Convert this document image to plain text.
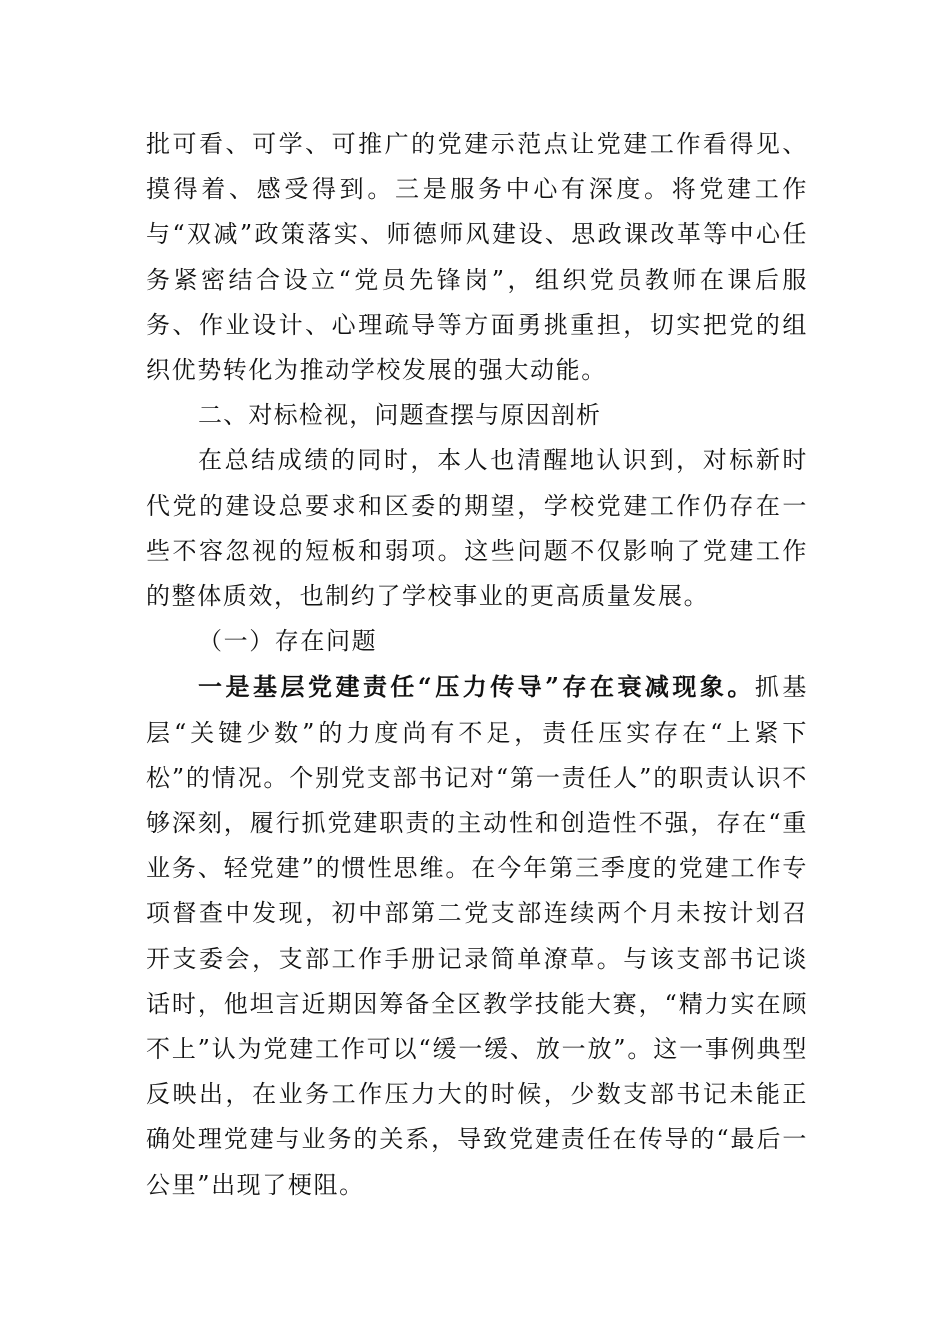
批可看、可学、可推广的党建示范点让党建工作看得见、摸得着、感受得到。三是服务中心有深度。将党建工作与“双减”政策落实、师德师风建设、思政课改革等中心任务紧密结合设立“党员先锋岗”，组织党员教师在课后服务、作业设计、心理疏导等方面勇挑重担，切实把党的组织优势转化为推动学校发展的强大动能。

二、对标检视，问题查摆与原因剖析

在总结成绩的同时，本人也清醒地认识到，对标新时代党的建设总要求和区委的期望，学校党建工作仍存在一些不容忽视的短板和弱项。这些问题不仅影响了党建工作的整体质效，也制约了学校事业的更高质量发展。

（一）存在问题

一是基层党建责任“压力传导”存在衰减现象。抓基层“关键少数”的力度尚有不足，责任压实存在“上紧下松”的情况。个别党支部书记对“第一责任人”的职责认识不够深刻，履行抓党建职责的主动性和创造性不强，存在“重业务、轻党建”的惯性思维。在今年第三季度的党建工作专项督查中发现，初中部第二党支部连续两个月未按计划召开支委会，支部工作手册记录简单潦草。与该支部书记谈话时，他坦言近期因筹备全区教学技能大赛，“精力实在顾不上”认为党建工作可以“缓一缓、放一放”。这一事例典型反映出，在业务工作压力大的时候，少数支部书记未能正确处理党建与业务的关系，导致党建责任在传导的“最后一公里”出现了梗阻。
